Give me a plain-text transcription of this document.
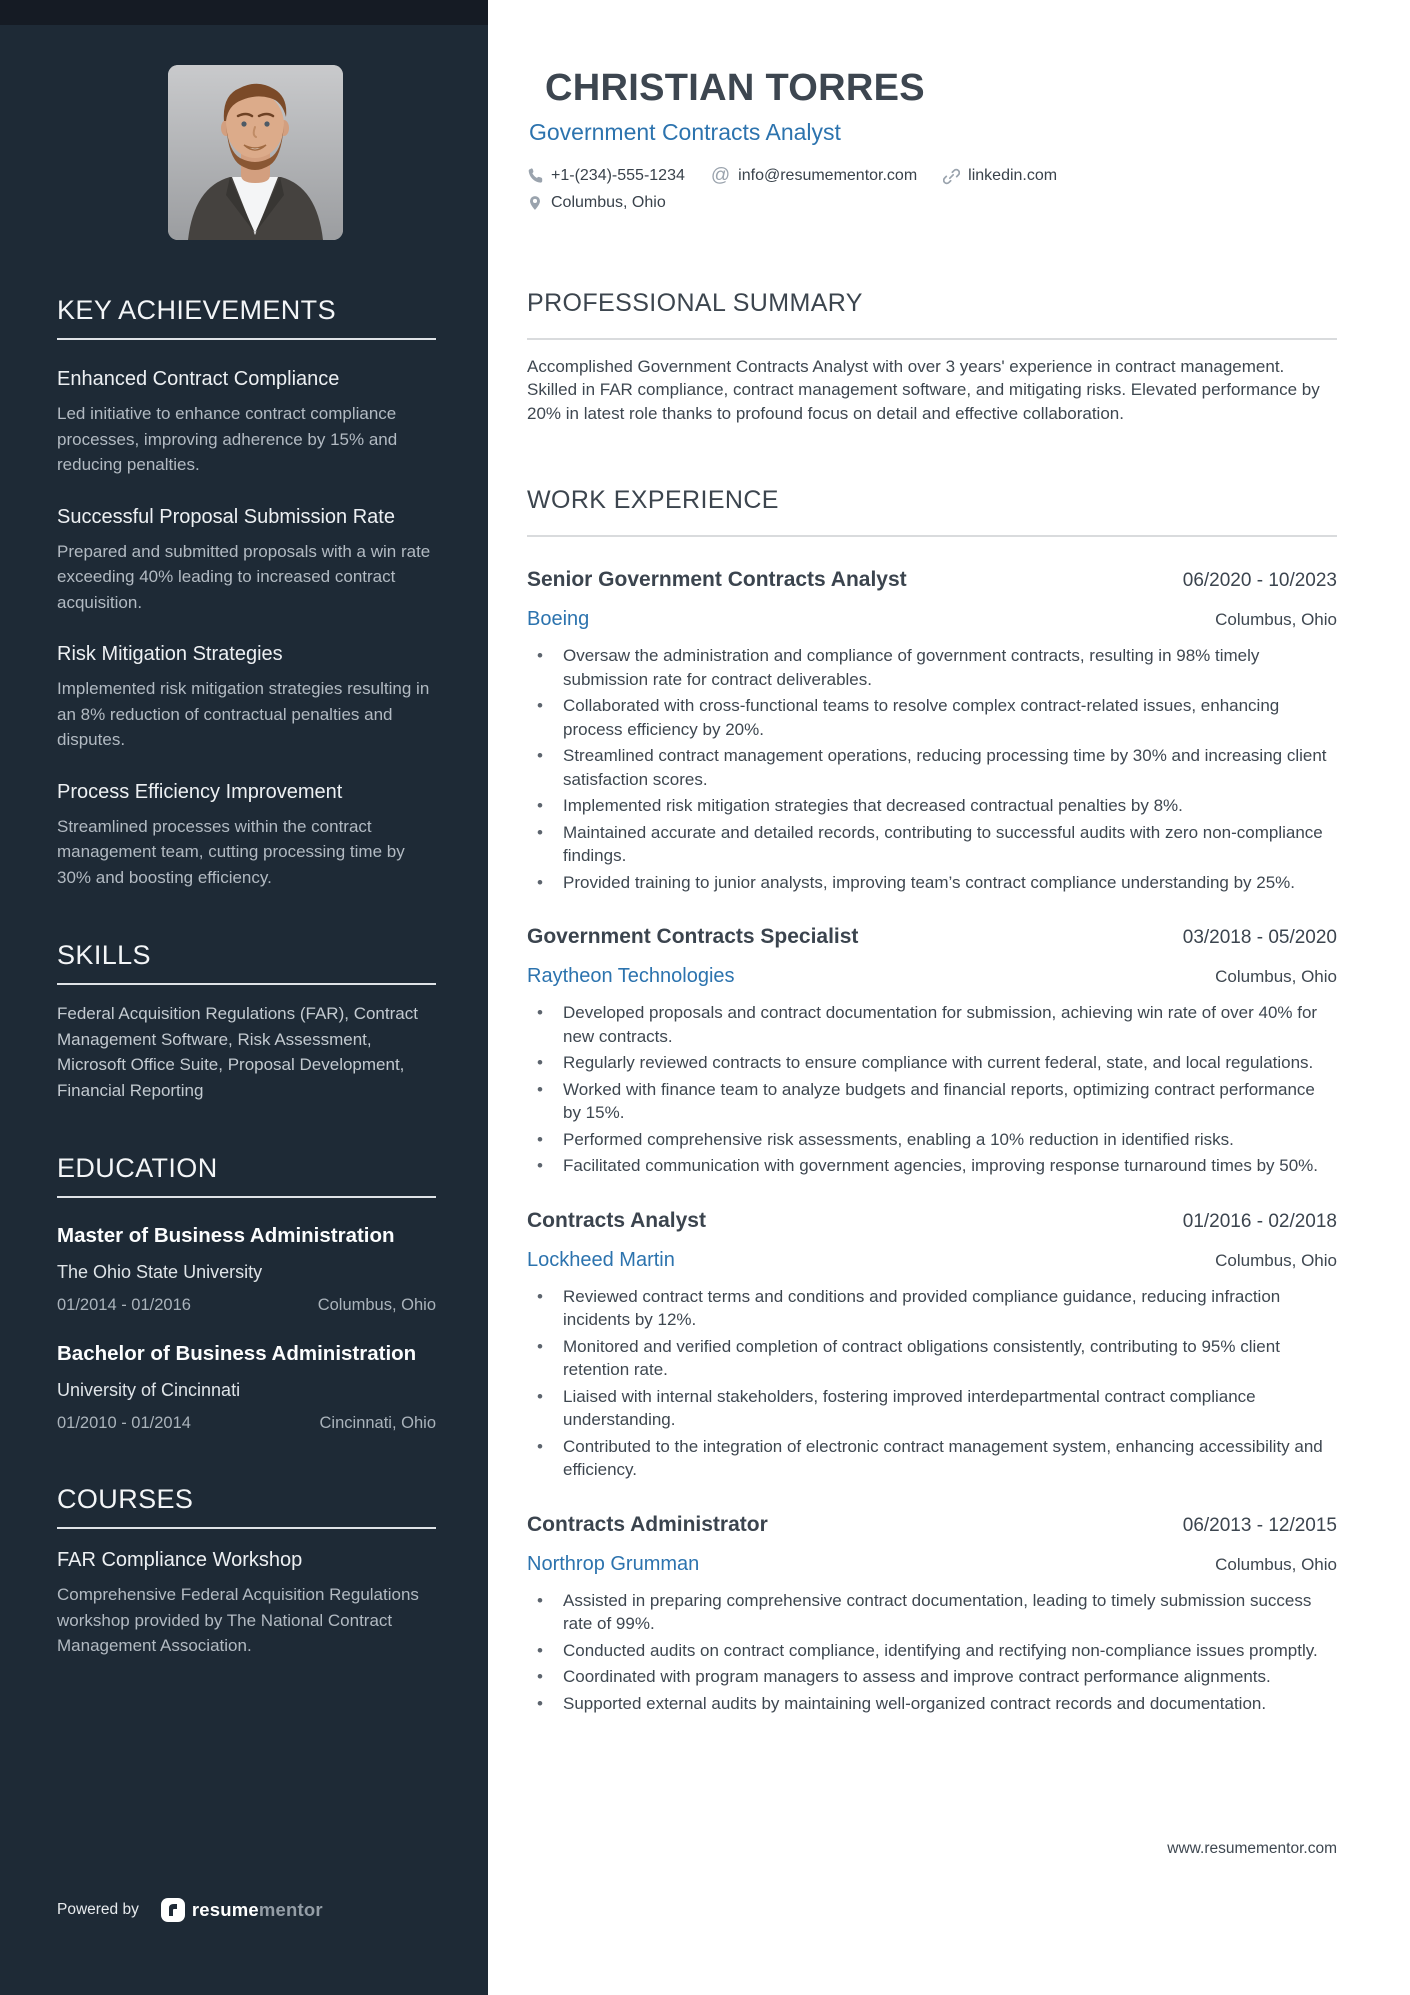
KEY ACHIEVEMENTS
Enhanced Contract Compliance
Led initiative to enhance contract compliance processes, improving adherence by 15% and reducing penalties.
Successful Proposal Submission Rate
Prepared and submitted proposals with a win rate exceeding 40% leading to increased contract acquisition.
Risk Mitigation Strategies
Implemented risk mitigation strategies resulting in an 8% reduction of contractual penalties and disputes.
Process Efficiency Improvement
Streamlined processes within the contract management team, cutting processing time by 30% and boosting efficiency.
SKILLS
Federal Acquisition Regulations (FAR), Contract Management Software, Risk Assessment, Microsoft Office Suite, Proposal Development, Financial Reporting
EDUCATION
Master of Business Administration
The Ohio State University
01/2014 - 01/2016	Columbus, Ohio
Bachelor of Business Administration
University of Cincinnati
01/2010 - 01/2014	Cincinnati, Ohio
COURSES
FAR Compliance Workshop
Comprehensive Federal Acquisition Regulations workshop provided by The National Contract Management Association.
Powered by	resumementor
CHRISTIAN TORRES
Government Contracts Analyst
+1-(234)-555-1234 @ info@resumementor.com	linkedin.com
Columbus, Ohio
PROFESSIONAL SUMMARY

Accomplished Government Contracts Analyst with over 3 years' experience in contract management. Skilled in FAR compliance, contract management software, and mitigating risks. Elevated performance by 20% in latest role thanks to profound focus on detail and effective collaboration.

WORK EXPERIENCE
Senior Government Contracts Analyst	06/2020 - 10/2023
Boeing	Columbus, Ohio
• Oversaw the administration and compliance of government contracts, resulting in 98% timely submission rate for contract deliverables.
• Collaborated with cross-functional teams to resolve complex contract-related issues, enhancing process efficiency by 20%.
• Streamlined contract management operations, reducing processing time by 30% and increasing client satisfaction scores.
• Implemented risk mitigation strategies that decreased contractual penalties by 8%.
• Maintained accurate and detailed records, contributing to successful audits with zero non-compliance findings.
• Provided training to junior analysts, improving team’s contract compliance understanding by 25%.
Government Contracts Specialist	03/2018 - 05/2020
Raytheon Technologies	Columbus, Ohio
• Developed proposals and contract documentation for submission, achieving win rate of over 40% for new contracts.
• Regularly reviewed contracts to ensure compliance with current federal, state, and local regulations.
• Worked with finance team to analyze budgets and financial reports, optimizing contract performance by 15%.
• Performed comprehensive risk assessments, enabling a 10% reduction in identified risks.
• Facilitated communication with government agencies, improving response turnaround times by 50%.
Contracts Analyst	01/2016 - 02/2018
Lockheed Martin	Columbus, Ohio
• Reviewed contract terms and conditions and provided compliance guidance, reducing infraction incidents by 12%.
• Monitored and verified completion of contract obligations consistently, contributing to 95% client retention rate.
• Liaised with internal stakeholders, fostering improved interdepartmental contract compliance understanding.
• Contributed to the integration of electronic contract management system, enhancing accessibility and efficiency.
Contracts Administrator	06/2013 - 12/2015
Northrop Grumman	Columbus, Ohio
• Assisted in preparing comprehensive contract documentation, leading to timely submission success rate of 99%.
• Conducted audits on contract compliance, identifying and rectifying non-compliance issues promptly.
• Coordinated with program managers to assess and improve contract performance alignments.
• Supported external audits by maintaining well-organized contract records and documentation.
www.resumementor.com
